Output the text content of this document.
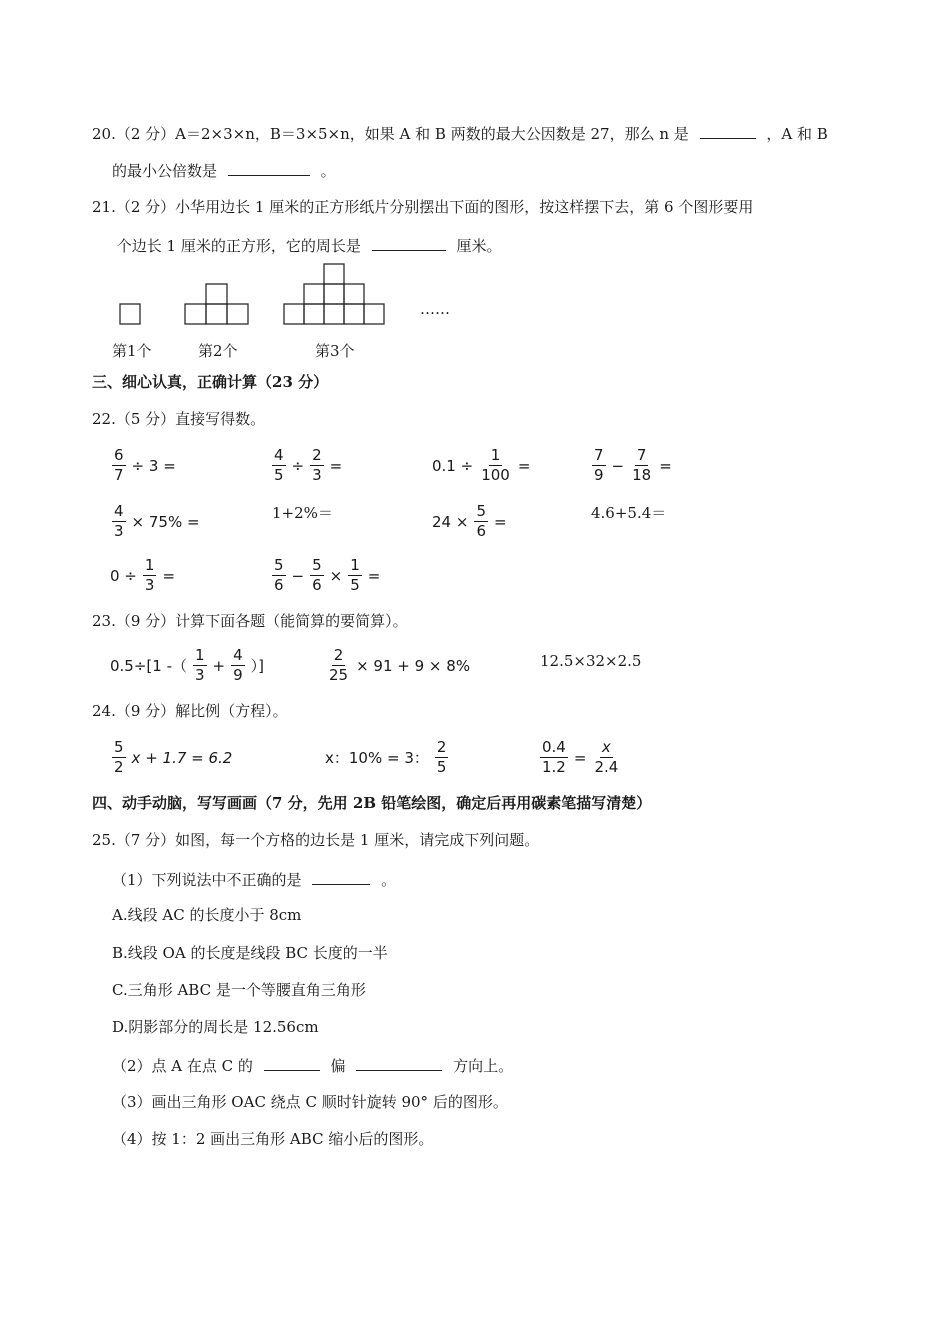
20.（2 分）A＝2×3×n，B＝3×5×n，如果 A 和 B 两数的最大公因数是 27，那么 n 是	，A 和 B
的最小公倍数是	。
21.（2 分）小华用边长 1 厘米的正方形纸片分别摆出下面的图形，按这样摆下去，第 6 个图形要用
个边长 1 厘米的正方形，它的周长是	厘米。
……
第1个	第2个	第3个
三、细心认真，正确计算（23 分）
22.（5 分）直接写得数。
$\frac{6}{7} \div 3$ =	$\frac{4}{5} \div \frac{2}{3}$ =	$0.1 \div \frac{1}{100}$ =	$\frac{7}{9} - \frac{7}{18}$ =
$\frac{4}{3} \times 75\%$ =	1+2%＝	$24 \times \frac{5}{6}$ =	4.6+5.4＝
$0 \div \frac{1}{3}$ =	$\frac{5}{6} - \frac{5}{6} \times \frac{1}{5}$ =
23.（9 分）计算下面各题（能简算的要简算）。
0.5÷[1 -（ $\frac{1}{3} + \frac{4}{9}$ ）]	$\frac{2}{25} \times 91 + 9 \times 8\%$	12.5×32×2.5
24.（9 分）解比例（方程）。
$\frac{5}{2}$ x + 1.7 = 6.2	x：10% = 3： $\frac{2}{5}$	$\frac{0.4}{1.2} = \frac{x}{2.4}$
四、动手动脑，写写画画（7 分，先用 2B 铅笔绘图，确定后再用碳素笔描写清楚）
25.（7 分）如图，每一个方格的边长是 1 厘米，请完成下列问题。
（1）下列说法中不正确的是	。
A.线段 AC 的长度小于 8cm
B.线段 OA 的长度是线段 BC 长度的一半
C.三角形 ABC 是一个等腰直角三角形
D.阴影部分的周长是 12.56cm
（2）点 A 在点 C 的	偏	方向上。
（3）画出三角形 OAC 绕点 C 顺时针旋转 90° 后的图形。
（4）按 1：2 画出三角形 ABC 缩小后的图形。
